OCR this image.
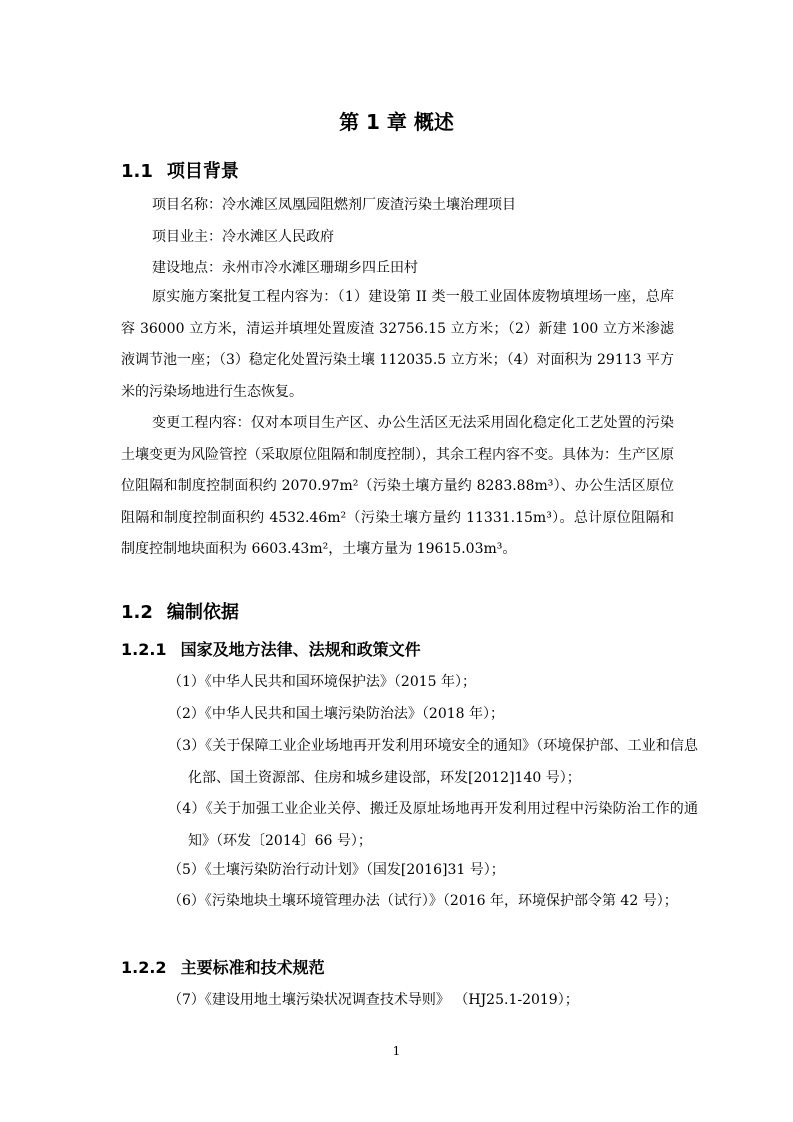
第 1 章 概述
1.1 项目背景
项目名称：冷水滩区凤凰园阻燃剂厂废渣污染土壤治理项目
项目业主：冷水滩区人民政府
建设地点：永州市冷水滩区珊瑚乡四丘田村
原实施方案批复工程内容为：（1）建设第 II 类一般工业固体废物填埋场一座，总库容 36000 立方米，清运并填埋处置废渣 32756.15 立方米；（2）新建 100 立方米渗滤液调节池一座；（3）稳定化处置污染土壤 112035.5 立方米；（4）对面积为 29113 平方米的污染场地进行生态恢复。
变更工程内容：仅对本项目生产区、办公生活区无法采用固化稳定化工艺处置的污染土壤变更为风险管控（采取原位阻隔和制度控制），其余工程内容不变。具体为：生产区原位阻隔和制度控制面积约 2070.97m²（污染土壤方量约 8283.88m³）、办公生活区原位阻隔和制度控制面积约 4532.46m²（污染土壤方量约 11331.15m³）。总计原位阻隔和制度控制地块面积为 6603.43m²，土壤方量为 19615.03m³。
1.2 编制依据
1.2.1 国家及地方法律、法规和政策文件
（1）《中华人民共和国环境保护法》（2015 年）；
（2）《中华人民共和国土壤污染防治法》（2018 年）；
（3）《关于保障工业企业场地再开发利用环境安全的通知》（环境保护部、工业和信息化部、国土资源部、住房和城乡建设部，环发[2012]140 号）；
（4）《关于加强工业企业关停、搬迁及原址场地再开发利用过程中污染防治工作的通知》（环发〔2014〕66 号）；
（5）《土壤污染防治行动计划》（国发[2016]31 号）；
（6）《污染地块土壤环境管理办法（试行）》（2016 年，环境保护部令第 42 号）；
1.2.2 主要标准和技术规范
（7）《建设用地土壤污染状况调查技术导则》 （HJ25.1-2019）；
1
